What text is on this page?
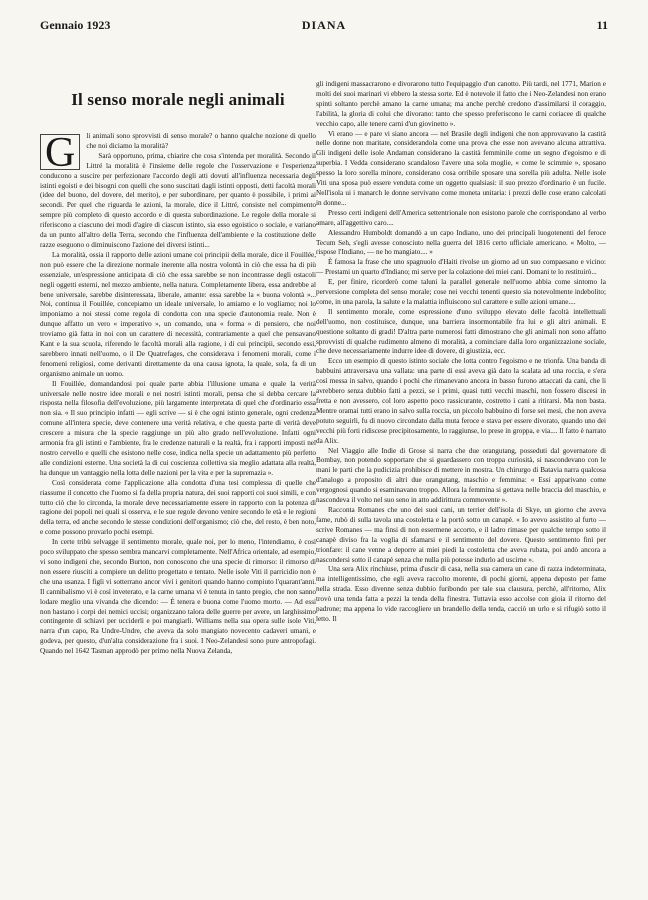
Gennaio 1923	DIANA	11
Il senso morale negli animali

G	li animali sono sprovvisti di senso morale? o hanno qualche nozione di quello che noi diciamo la moralità?

Sarà opportuno, prima, chiarire che cosa s'intenda per moralità. Secondo il Littré la moralità è l'insieme delle regole che l'osservazione e l'esperienza conducono a suscire per perfezionare l'accordo degli atti dovuti all'influenza necessaria degli istinti egoisti e dei bisogni con quelli che sono suscitati dagli istinti opposti, detti facoltà morali (idee del buono, del dovere, del merito), e per subordinare, per quanto è possibile, i primi ai secondi. Per quel che riguarda le azioni, la morale, dice il Littré, consiste nel compimento sempre più completo di questo accordo e di questa subordinazione. Le regole della morale si riferiscono a ciascuno dei modi d'agire di ciascun istinto, sia esso egoistico o sociale, e variano da un punto all'altro della Terra, secondo che l'influenza dell'ambiente e la costituzione delle razze eseguono o diminuiscono l'azione dei diversi istinti...

La moralità, ossia il rapporto delle azioni umane coi principii della morale, dice il Fouillée, non può essere che la direzione normale inerente alla nostra volontà in ciò che essa ha di più essenziale, un'espressione anticipata di ciò che essa sarebbe se non incontrasse degli ostacoli negli oggetti esterni, nel mezzo ambiente, nella natura. Completamente libera, essa andrebbe al bene universale, sarebbe disinteressata, liberale, amante: essa sarebbe la « buona volontà »... Noi, continua il Fouillée, concepiamo un ideale universale, lo amiamo e lo vogliamo; noi lo imponiamo a noi stessi come regola di condotta con una specie d'autonomia reale. Non è dunque affatto un vero « imperativo », un comando, una « forma » di pensiero, che noi troviamo già fatta in noi con un carattere di necessità, contrariamente a quel che pensavano Kant e la sua scuola, riferendo le facoltà morali alla ragione, i di cui principii, secondo essi, sarebbero innati nell'uomo, o il De Quatrefages, che considerava i fenomeni morali, come i fenomeni religiosi, come derivanti direttamente da una causa ignota, la quale, sola, fa di un organismo animale un uomo.

Il Fouillée, domandandosi poi quale parte abbia l'illusione umana e quale la verità universale nelle nostre idee morali e nei nostri istinti morali, pensa che si debba cercare la risposta nella filosofia dell'evoluzione, più largamente interpretata di quel che d'ordinario essa non sia. « Il suo principio infatti — egli scrive — si è che ogni istinto generale, ogni credenza comune all'intera specie, deve contenere una verità relativa, e che questa parte di verità deve crescere a misura che la specie raggiunge un più alto grado nell'evoluzione. Infatti ogni armonia fra gli istinti e l'ambiente, fra le credenze naturali e la realtà, fra i rapporti imposti nel nostro cervello e quelli che esistono nelle cose, indica nella specie un adattamento più perfetto alle condizioni esterne. Una società la di cui coscienza collettiva sia meglio adattata alla realtà, ha dunque un vantaggio nella lotta delle nazioni per la vita e per la supremazia ».

Così considerata come l'applicazione alla condotta d'una tesi complessa di quelle che riassume il concetto che l'uomo si fa della propria natura, dei suoi rapporti coi suoi simili, e con tutto ciò che lo circonda, la morale deve necessariamente essere in rapporto con la potenza di ragione dei popoli nei quali si osserva, e le sue regole devono venire secondo le età e le regioni della terra, ed anche secondo le stesse condizioni dell'organismo; ciò che, del resto, è ben noto, e come possono provarlo pochi esempi.

In certe tribù selvagge il sentimento morale, quale noi, per lo meno, l'intendiamo, è così poco sviluppato che spesso sembra mancarvi completamente. Nell'Africa orientale, ad esempio, vi sono indigeni che, secondo Burton, non conoscono che una specie di rimorso: il rimorso di non essere riusciti a compiere un delitto progettato e tentato. Nelle isole Viti il parricidio non è che una usanza. I figli vi sotterrano ancor vivi i genitori quando hanno compiuto l'quarant'anni. Il cannibalismo vi è così inveterato, e la carne umana vi è tenuta in tanto pregio, che non sanno lodare meglio una vivanda che dicendo: — È tenera e buona come l'uomo morto. — Ad essi non bastano i corpi dei nemici uccisi; organizzano talora delle guerre per avere, un larghissimo contingente di schiavi per ucciderli e poi mangiarli. Williams nella sua opera sulle isole Viti, narra d'un capo, Ra Undre-Undre, che aveva da solo mangiato novecento cadaveri umani, e godeva, per questo, d'un'alta considerazione fra i suoi. I Neo-Zelandesi sono pure antropofagi. Quando nel 1642 Tasman approdò per primo nella Nuova Zelanda,

gli indigeni massacrarono e divorarono tutto l'equipaggio d'un canotto. Più tardi, nel 1771, Marion e molti dei suoi marinari vi ebbero la stessa sorte. Ed è notevole il fatto che i Neo-Zelandesi non erano spinti soltanto perchè amano la carne umana; ma anche perchè credono d'assimilarsi il coraggio, l'abilità, la gloria di colui che divorano: tanto che spesso preferiscono le carni coriacee di qualche vecchio capo, alle tenere carni d'un giovinetto ».

Vi erano — e pare vi siano ancora — nel Brasile degli indigeni che non approvavano la castità nelle donne non maritate, considerandola come una prova che esse non avevano alcuna attrattiva. Gli indigeni delle isole Andaman considerano la castità femminile come un segno d'egoismo e di superbia. I Vedda considerano scandaloso l'avere una sola moglie, « come le scimmie », sposano spesso la loro sorella minore, considerano cosa orribile sposare una sorella più adulta. Nelle isole Viti una sposa può essere venduta come un oggetto qualsiasi: il suo prezzo d'ordinario è un fucile. Nell'isola ui i manarch le donne servivano come moneta unitaria: i prezzi delle cose erano calcolati in donne...

Presso certi indigeni dell'America settentrionale non esistono parole che corrispondano al verbo amare, all'aggettivo caro....

Alessandro Humboldt domandò a un capo Indiano, uno dei principali luogotenenti del feroce Tecum Seh, s'egli avesse conosciuto nella guerra del 1816 certo ufficiale americano. « Molto, — rispose l'Indiano, — ne ho mangiato.... »

È famosa la frase che uno spagnuolo d'Haiti rivolse un giorno ad un suo compaesano e vicino: — Prestami un quarto d'Indiano; mi serve per la colazione dei miei cani. Domani te lo restituirò...

E, per finire, ricorderò come taluni la parallel generale nell'uomo abbia come sintomo la perversione completa del senso morale; cose nei vecchi tenenti questo sia notevolmente indebolito; come, in una parola, la salute e la malattia influiscono sul carattere e sulle azioni umane....

Il sentimento morale, come espressione d'uno sviluppo elevato delle facoltà intellettuali dell'uomo, non costituisce, dunque, una barriera insormontabile fra lui e gli altri animali. E questione soltanto di gradi! D'altra parte numerosi fatti dimostrano che gli animali non sono affatto sprovvisti di qualche rudimento almeno di moralità, a cominciare dalla loro organizzazione sociale, che deve necessariamente indurre idee di dovere, di giustizia, ecc.

Ecco un esempio di questo istinto sociale che lotta contro l'egoismo e ne trionfa. Una banda di babbuini attraversava una vallata: una parte di essi aveva già dato la scalata ad una roccia, e s'era così messa in salvo, quando i pochi che rimanevano ancora in basso furono attaccati da cani, che li avrebbero senza dubbio fatti a pezzi, se i primi, quasi tutti vecchi maschi, non fossero discesi in fretta e non avessero, col loro aspetto poco rassicurante, costretto i cani a ritirarsi. Ma non basta. Mentre oramai tutti erano in salvo sulla roccia, un piccolo babbuino di forse sei mesi, che non aveva potuto seguirli, fu di nuovo circondato dalla muta feroce e stava per essere divorato, quando uno dei vecchi più forti ridiscese precipitosamente, lo raggiunse, lo prese in groppa, e via.... Il fatto è narrato da Alix.

Nel Viaggio alle Indie di Grose si narra che due orangutang, posseduti dal governatore di Bombay, non potendo sopportare che si guardassero con troppa curiosità, si nascondevano con le mani le parti che la pudicizia prohibisce di mettere in mostra. Un chirurgo di Batavia narra qualcosa d'analogo a proposito di altri due orangutang, maschio e femmina: « Essi apparivano come vergognosi quando si esaminavano troppo. Allora la femmina si gettava nelle braccia del maschio, e nascondeva il volto nel suo seno in atto addirittura commovente ».

Racconta Romanes che uno dei suoi cani, un terrier dell'isola di Skye, un giorno che aveva fame, rubò di sulla tavola una costoletta e la portò sotto un canapè. « Io avevo assistito al furto — scrive Romanes — ma finsi di non essermene accorto, e il ladro rimase per qualche tempo sotto il canapè diviso fra la voglia di sfamarsi e il sentimento del dovere. Questo sentimento finì per trionfare: il cane venne a deporre ai miei piedi la costoletta che aveva rubata, poi andò ancora a nascondersi sotto il canapè senza che nulla più potesse indurlo ad uscirne ».

Una sera Alix rinchiuse, prima d'uscir di casa, nella sua camera un cane di razza indeterminata, ma intelligentissimo, che egli aveva raccolto morente, di pochi giorni, appena deposto per fame nella strada. Esso divenne senza dubbio furibondo per tale sua clausura, perchè, all'ritorno, Alix trovò una tenda fatta a pezzi la tenda della finestra. Tuttavia esso accolse con gioia il ritorno del padrone; ma appena lo vide raccogliere un brandello della tenda, cacciò un urlo e si rifugiò sotto il letto. Il
